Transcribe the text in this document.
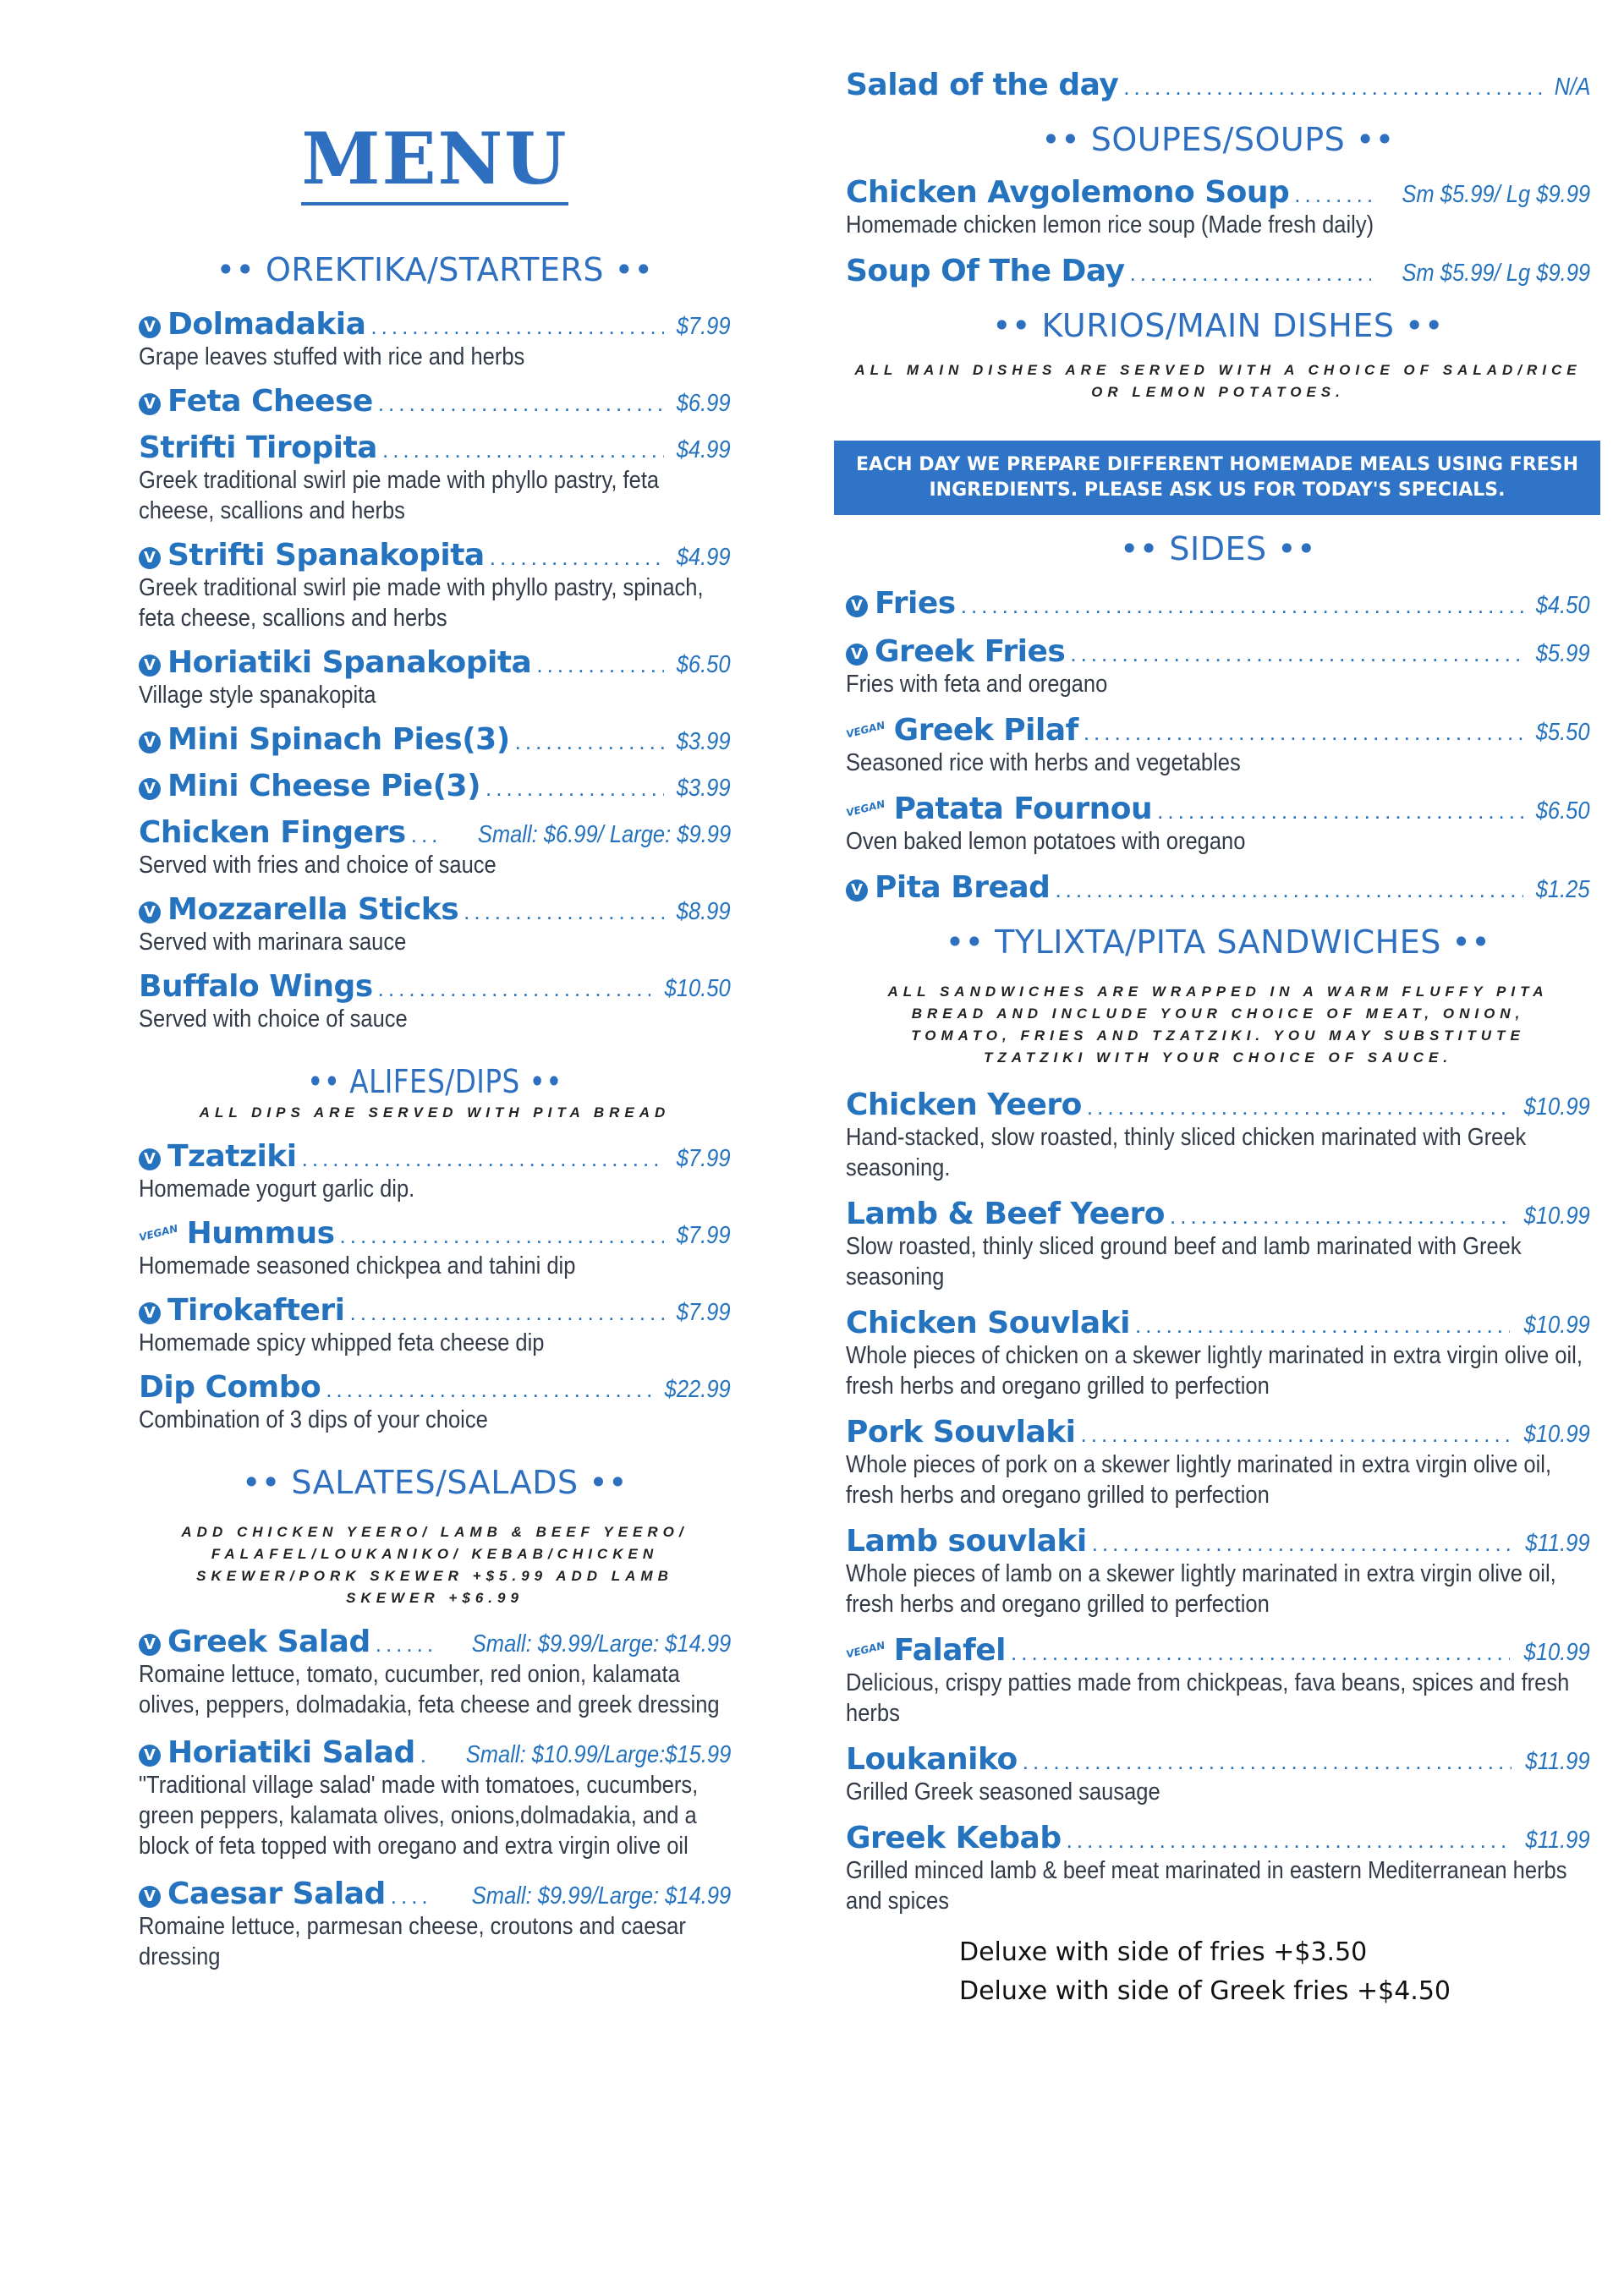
MENU
•• OREKTIKA/STARTERS ••
V Dolmadakia .....	$7.99
Grape leaves stuffed with rice and herbs
V Feta Cheese .....	$6.99
Strifti Tiropita .....	$4.99
Greek traditional swirl pie made with phyllo pastry, feta cheese, scallions and herbs
V Strifti Spanakopita .....	$4.99
Greek traditional swirl pie made with phyllo pastry, spinach, feta cheese, scallions and herbs
V Horiatiki Spanakopita .....	$6.50
Village style spanakopita
V Mini Spinach Pies(3) .....	$3.99
V Mini Cheese Pie(3) .....	$3.99
Chicken Fingers .....	Small: $6.99/ Large: $9.99
Served with fries and choice of sauce
V Mozzarella Sticks .....	$8.99
Served with marinara sauce
Buffalo Wings .....	$10.50
Served with choice of sauce
•• ALIFES/DIPS ••
ALL DIPS ARE SERVED WITH PITA BREAD
V Tzatziki .....	$7.99
Homemade yogurt garlic dip.
VEGAN Hummus .....	$7.99
Homemade seasoned chickpea and tahini dip
V Tirokafteri .....	$7.99
Homemade spicy whipped feta cheese dip
Dip Combo .....	$22.99
Combination of 3 dips of your choice
•• SALATES/SALADS ••
ADD CHICKEN YEERO/ LAMB & BEEF YEERO/ FALAFEL/LOUKANIKO/ KEBAB/CHICKEN SKEWER/PORK SKEWER +$5.99 ADD LAMB SKEWER +$6.99
V Greek Salad .....	Small: $9.99/Large: $14.99
Romaine lettuce, tomato, cucumber, red onion, kalamata olives, peppers, dolmadakia, feta cheese and greek dressing
V Horiatiki Salad ..... Small: $10.99/Large:$15.99
"Traditional village salad' made with tomatoes, cucumbers, green peppers, kalamata olives, onions,dolmadakia, and a block of feta topped with oregano and extra virgin olive oil
V Caesar Salad .....	Small: $9.99/Large: $14.99
Romaine lettuce, parmesan cheese, croutons and caesar dressing
Salad of the day .....	N/A
•• SOUPES/SOUPS ••
Chicken Avgolemono Soup .....	Sm $5.99/ Lg $9.99
Homemade chicken lemon rice soup (Made fresh daily)
Soup Of The Day .....	Sm $5.99/ Lg $9.99
•• KURIOS/MAIN DISHES ••
ALL MAIN DISHES ARE SERVED WITH A CHOICE OF SALAD/RICE OR LEMON POTATOES.
EACH DAY WE PREPARE DIFFERENT HOMEMADE MEALS USING FRESH INGREDIENTS. PLEASE ASK US FOR TODAY'S SPECIALS.
•• SIDES ••
V Fries .....	$4.50
V Greek Fries .....	$5.99
Fries with feta and oregano
VEGAN Greek Pilaf .....	$5.50
Seasoned rice with herbs and vegetables
VEGAN Patata Fournou .....	$6.50
Oven baked lemon potatoes with oregano
V Pita Bread .....	$1.25
•• TYLIXTA/PITA SANDWICHES ••
ALL SANDWICHES ARE WRAPPED IN A WARM FLUFFY PITA BREAD AND INCLUDE YOUR CHOICE OF MEAT, ONION, TOMATO, FRIES AND TZATZIKI. YOU MAY SUBSTITUTE TZATZIKI WITH YOUR CHOICE OF SAUCE.
Chicken Yeero .....	$10.99
Hand-stacked, slow roasted, thinly sliced chicken marinated with Greek seasoning.
Lamb & Beef Yeero .....	$10.99
Slow roasted, thinly sliced ground beef and lamb marinated with Greek seasoning
Chicken Souvlaki .....	$10.99
Whole pieces of chicken on a skewer lightly marinated in extra virgin olive oil, fresh herbs and oregano grilled to perfection
Pork Souvlaki .....	$10.99
Whole pieces of pork on a skewer lightly marinated in extra virgin olive oil, fresh herbs and oregano grilled to perfection
Lamb souvlaki .....	$11.99
Whole pieces of lamb on a skewer lightly marinated in extra virgin olive oil, fresh herbs and oregano grilled to perfection
VEGAN Falafel .....	$10.99
Delicious, crispy patties made from chickpeas, fava beans, spices and fresh herbs
Loukaniko .....	$11.99
Grilled Greek seasoned sausage
Greek Kebab .....	$11.99
Grilled minced lamb & beef meat marinated in eastern Mediterranean herbs and spices
Deluxe with side of fries +$3.50
Deluxe with side of Greek fries +$4.50
